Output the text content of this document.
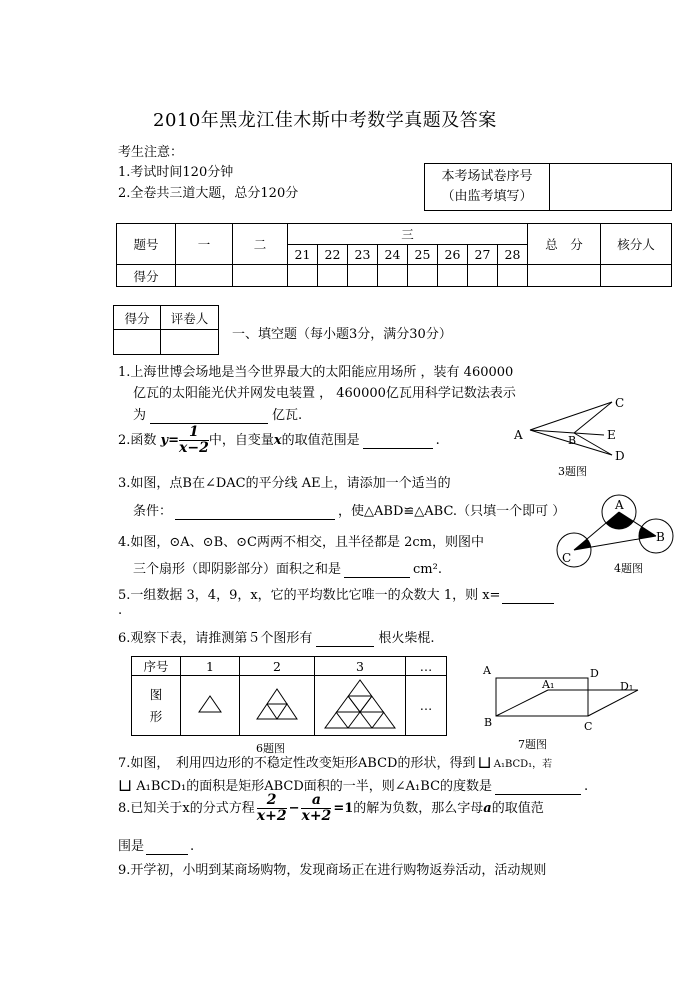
2010年黑龙江佳木斯中考数学真题及答案
考生注意：
1.考试时间120分钟
2.全卷共三道大题，总分120分
本考场试卷序号
（由监考填写）

题号	一	二	三								总　分	核分人
			21	22	23	24	25	26	27	28		
得分												
得分	评卷人

一、填空题（每小题3分，满分30分）
1.上海世博会场地是当今世界最大的太阳能应用场所 ，装有 460000
亿瓦的太阳能光伏并网发电装置 ， 460000亿瓦用科学记数法表示
为	亿瓦.
2.函数 $y= \frac{1}{x-2}$ 中，自变量x的取值范围是	.	A	B
C
D
E
3题图
3.如图，点B在∠DAC的平分线 AE上，请添加一个适当的
条件：	，使△ABD≌△ABC.（只填一个即可 ）	A
B
C
4题图
4.如图，⊙A、⊙B、⊙C两两不相交，且半径都是 2cm，则图中
三个扇形（即阴影部分）面积之和是	cm².
5.一组数据 3，4，9，x，它的平均数比它唯一的众数大 1，则 x=
.
6.观察下表，请推测第５个图形有	根火柴棍.
序号	1	2	3	…

图形				…
6题图
A	D
A₁	D₁
B	C
7题图
7.如图，　利用四边形的不稳定性改变矩形ABCD的形状，得到 ⊔ A₁BCD₁，若
⊔ A₁BCD₁的面积是矩形ABCD面积的一半，则∠A₁BC的度数是	.
8.已知关于x的分式方程 $\frac{2}{x+2} - \frac{a}{x+2} =1$的解为负数，那么字母a的取值范
围是	.
9.开学初，小明到某商场购物，发现商场正在进行购物返券活动，活动规则
